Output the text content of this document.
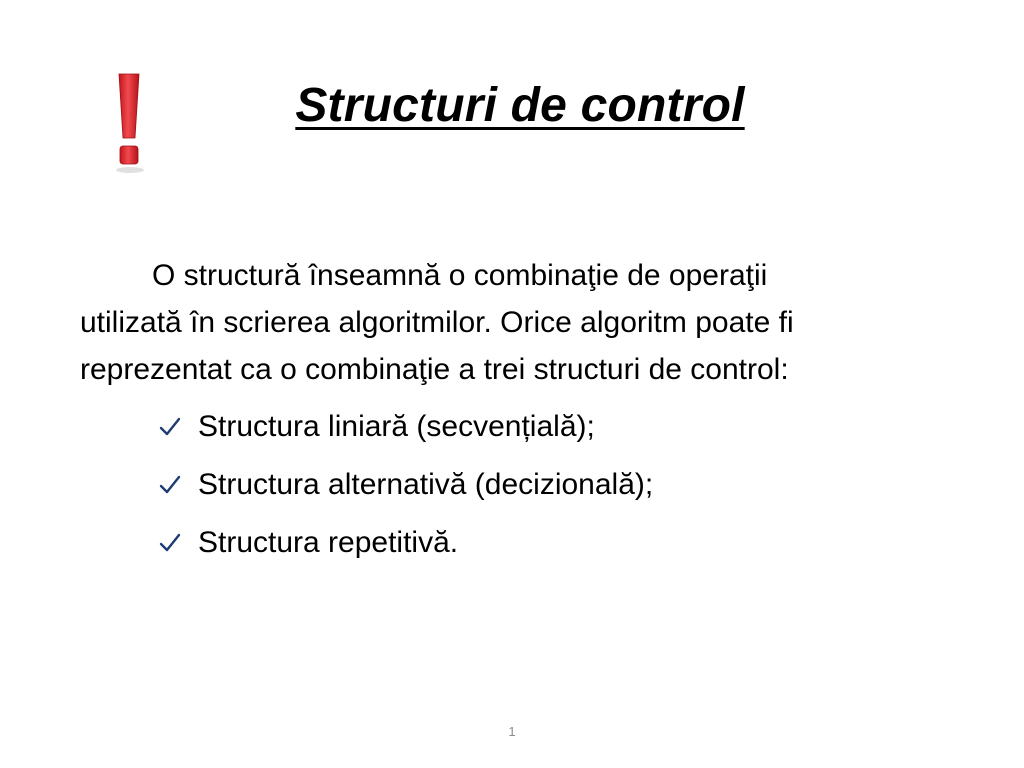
Structuri de control

O structură înseamnă o combinaţie de operaţii
utilizată în scrierea algoritmilor. Orice algoritm poate fi
reprezentat ca o combinaţie a trei structuri de control:

Structura liniară (secvențială);
Structura alternativă (decizională);
Structura repetitivă.
1
